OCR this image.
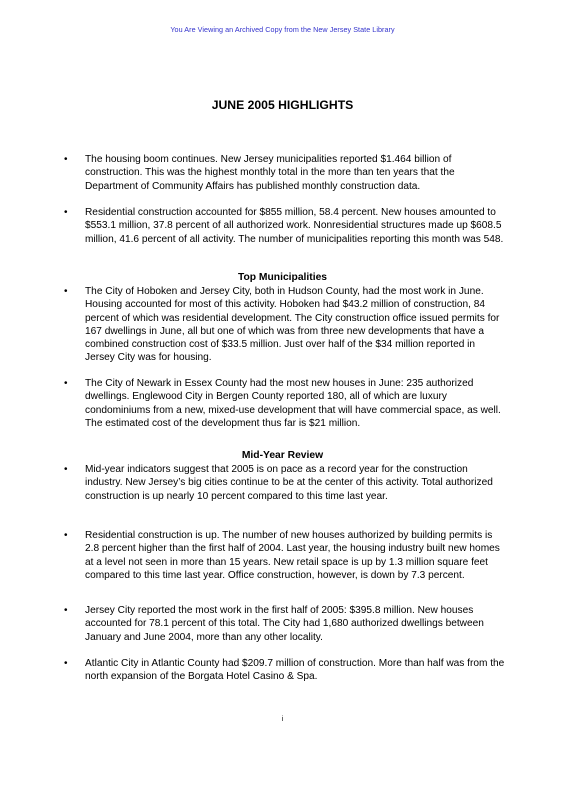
You Are Viewing an Archived Copy from the New Jersey State Library
JUNE 2005 HIGHLIGHTS
• The housing boom continues. New Jersey municipalities reported $1.464 billion of construction. This was the highest monthly total in the more than ten years that the Department of Community Affairs has published monthly construction data.
• Residential construction accounted for $855 million, 58.4 percent. New houses amounted to $553.1 million, 37.8 percent of all authorized work. Nonresidential structures made up $608.5 million, 41.6 percent of all activity. The number of municipalities reporting this month was 548.
Top Municipalities
• The City of Hoboken and Jersey City, both in Hudson County, had the most work in June. Housing accounted for most of this activity. Hoboken had $43.2 million of construction, 84 percent of which was residential development. The City construction office issued permits for 167 dwellings in June, all but one of which was from three new developments that have a combined construction cost of $33.5 million. Just over half of the $34 million reported in Jersey City was for housing.
• The City of Newark in Essex County had the most new houses in June: 235 authorized dwellings. Englewood City in Bergen County reported 180, all of which are luxury condominiums from a new, mixed-use development that will have commercial space, as well. The estimated cost of the development thus far is $21 million.
Mid-Year Review
• Mid-year indicators suggest that 2005 is on pace as a record year for the construction industry. New Jersey’s big cities continue to be at the center of this activity. Total authorized construction is up nearly 10 percent compared to this time last year.
• Residential construction is up. The number of new houses authorized by building permits is 2.8 percent higher than the first half of 2004. Last year, the housing industry built new homes at a level not seen in more than 15 years. New retail space is up by 1.3 million square feet compared to this time last year. Office construction, however, is down by 7.3 percent.
• Jersey City reported the most work in the first half of 2005: $395.8 million. New houses accounted for 78.1 percent of this total. The City had 1,680 authorized dwellings between January and June 2004, more than any other locality.
• Atlantic City in Atlantic County had $209.7 million of construction. More than half was from the north expansion of the Borgata Hotel Casino & Spa.
i
